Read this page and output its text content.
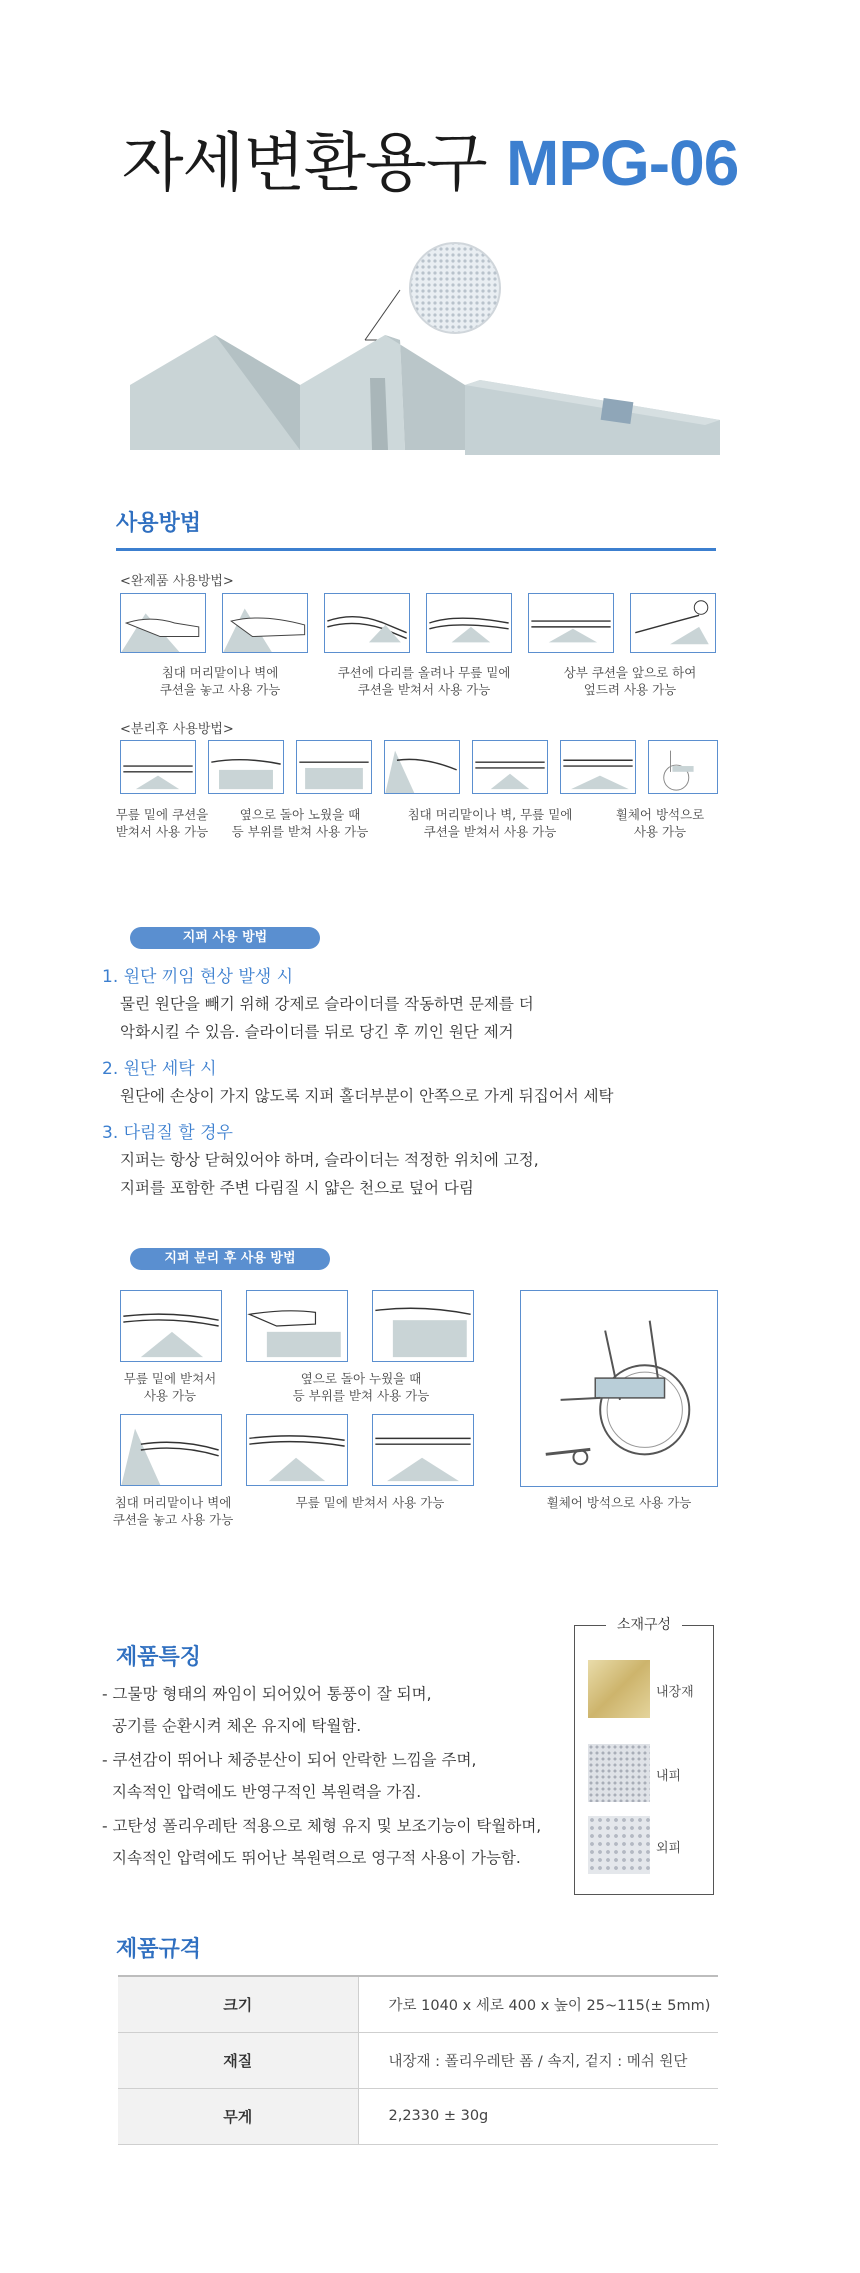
자세변환용구 MPG-06
사용방법
<완제품 사용방법>
침대 머리맡이나 벽에
쿠션을 놓고 사용 가능
쿠션에 다리를 올려나 무릎 밑에
쿠션을 받쳐서 사용 가능
상부 쿠션을 앞으로 하여
엎드려 사용 가능
<분리후 사용방법>
무릎 밑에 쿠션을
받쳐서 사용 가능
옆으로 돌아 노웠을 때
등 부위를 받쳐 사용 가능
침대 머리맡이나 벽, 무릎 밑에
쿠션을 받쳐서 사용 가능
휠체어 방석으로
사용 가능
지퍼 사용 방법
1. 원단 끼임 현상 발생 시
물린 원단을 빼기 위해 강제로 슬라이더를 작동하면 문제를 더
악화시킬 수 있음. 슬라이더를 뒤로 당긴 후 끼인 원단 제거
2. 원단 세탁 시
원단에 손상이 가지 않도록 지퍼 홀더부분이 안쪽으로 가게 뒤집어서 세탁
3. 다림질 할 경우
지퍼는 항상 닫혀있어야 하며, 슬라이더는 적정한 위치에 고정,
지퍼를 포함한 주변 다림질 시 얇은 천으로 덮어 다림
지퍼 분리 후 사용 방법
무릎 밑에 받쳐서
사용 가능
옆으로 돌아 누웠을 때
등 부위를 받쳐 사용 가능
침대 머리맡이나 벽에
쿠션을 놓고 사용 가능
무릎 밑에 받쳐서 사용 가능	휠체어 방석으로 사용 가능
제품특징
- 그물망 형태의 짜임이 되어있어 통풍이 잘 되며,
공기를 순환시켜 체온 유지에 탁월함.
- 쿠션감이 뛰어나 체중분산이 되어 안락한 느낌을 주며,
지속적인 압력에도 반영구적인 복원력을 가짐.
- 고탄성 폴리우레탄 적용으로 체형 유지 및 보조기능이 탁월하며,
지속적인 압력에도 뛰어난 복원력으로 영구적 사용이 가능함.
소재구성
내장재
내피
외피
제품규격
크기	가로 1040 x 세로 400 x 높이 25~115(± 5mm)
재질	내장재 : 폴리우레탄 폼 / 속지, 겉지 : 메쉬 원단
무게	2,2330 ± 30g
